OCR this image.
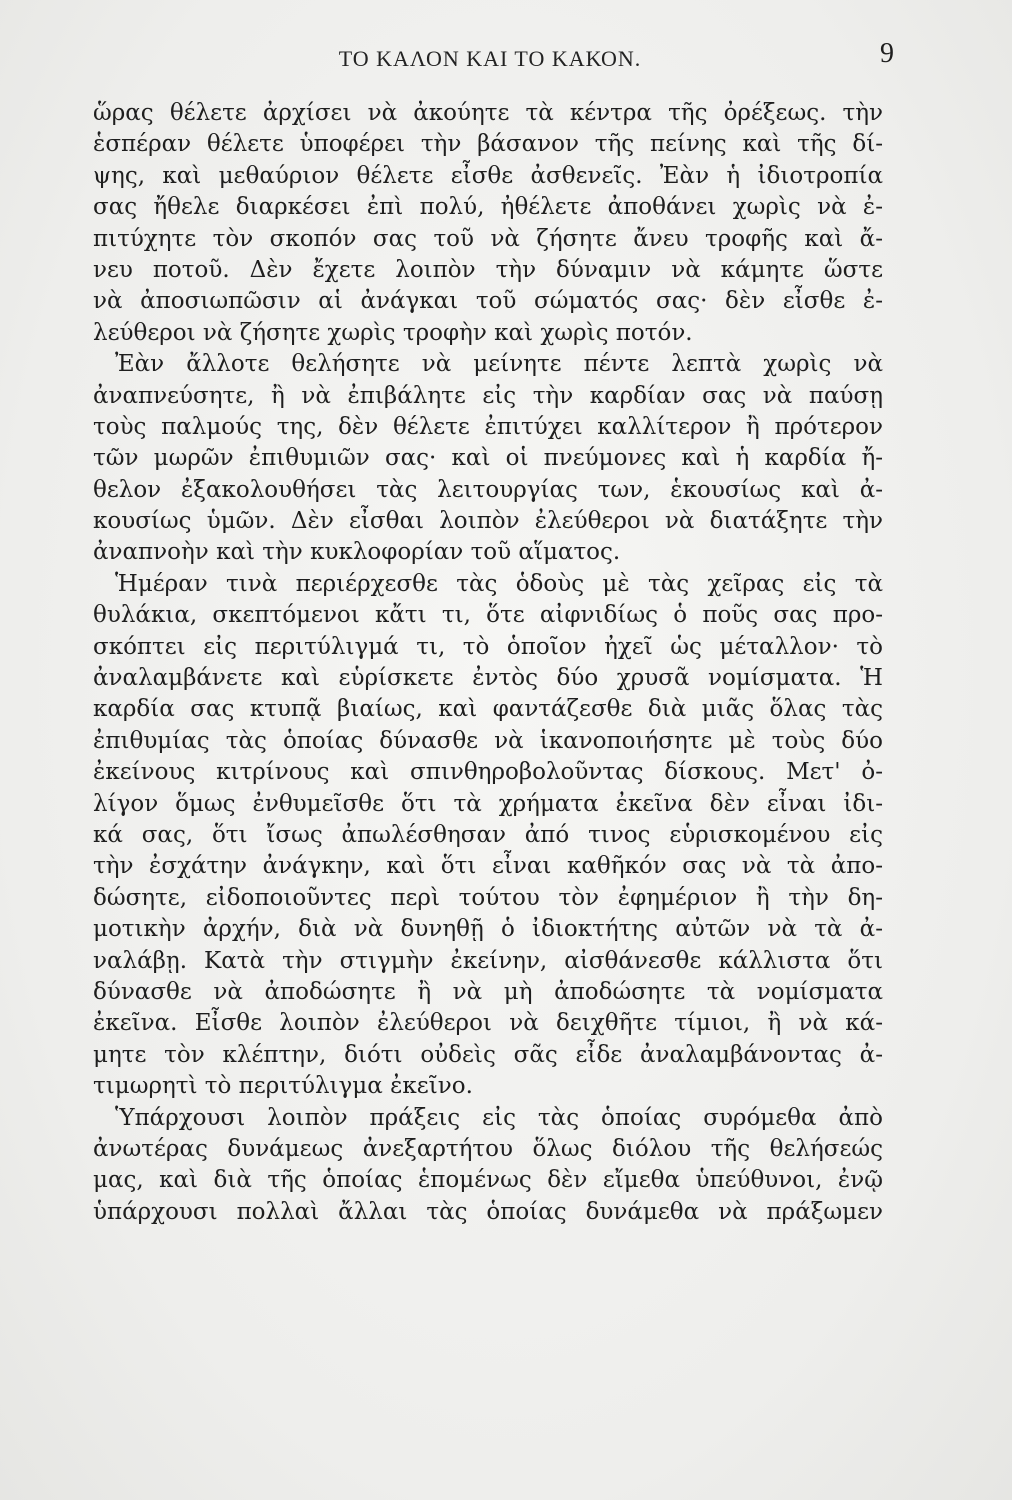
ΤΟ ΚΑΛΟΝ ΚΑΙ ΤΟ ΚΑΚΟΝ.	9
ὥρας θέλετε ἀρχίσει νὰ ἀκούητε τὰ κέντρα τῆς ὀρέξεως. τὴν
ἑσπέραν θέλετε ὑποφέρει τὴν βάσανον τῆς πείνης καὶ τῆς δί-
ψης, καὶ μεθαύριον θέλετε εἶσθε ἀσθενεῖς. Ἐὰν ἡ ἰδιοτροπία
σας ἤθελε διαρκέσει ἐπὶ πολύ, ἠθέλετε ἀποθάνει χωρὶς νὰ ἐ-
πιτύχητε τὸν σκοπόν σας τοῦ νὰ ζήσητε ἄνευ τροφῆς καὶ ἄ-
νευ ποτοῦ. Δὲν ἔχετε λοιπὸν τὴν δύναμιν νὰ κάμητε ὥστε
νὰ ἀποσιωπῶσιν αἱ ἀνάγκαι τοῦ σώματός σας· δὲν εἶσθε ἐ-
λεύθεροι νὰ ζήσητε χωρὶς τροφὴν καὶ χωρὶς ποτόν.
Ἐὰν ἄλλοτε θελήσητε νὰ μείνητε πέντε λεπτὰ χωρὶς νὰ
ἀναπνεύσητε, ἢ νὰ ἐπιβάλητε εἰς τὴν καρδίαν σας νὰ παύσῃ
τοὺς παλμούς της, δὲν θέλετε ἐπιτύχει καλλίτερον ἢ πρότερον
τῶν μωρῶν ἐπιθυμιῶν σας· καὶ οἱ πνεύμονες καὶ ἡ καρδία ἤ-
θελον ἐξακολουθήσει τὰς λειτουργίας των, ἑκουσίως καὶ ἀ-
κουσίως ὑμῶν. Δὲν εἶσθαι λοιπὸν ἐλεύθεροι νὰ διατάξητε τὴν
ἀναπνοὴν καὶ τὴν κυκλοφορίαν τοῦ αἵματος.
Ἡμέραν τινὰ περιέρχεσθε τὰς ὁδοὺς μὲ τὰς χεῖρας εἰς τὰ
θυλάκια, σκεπτόμενοι κἄτι τι, ὅτε αἰφνιδίως ὁ ποῦς σας προ-
σκόπτει εἰς περιτύλιγμά τι, τὸ ὁποῖον ἠχεῖ ὡς μέταλλον· τὸ
ἀναλαμβάνετε καὶ εὑρίσκετε ἐντὸς δύο χρυσᾶ νομίσματα. Ἡ
καρδία σας κτυπᾷ βιαίως, καὶ φαντάζεσθε διὰ μιᾶς ὅλας τὰς
ἐπιθυμίας τὰς ὁποίας δύνασθε νὰ ἱκανοποιήσητε μὲ τοὺς δύο
ἐκείνους κιτρίνους καὶ σπινθηροβολοῦντας δίσκους. Μετ' ὀ-
λίγον ὅμως ἐνθυμεῖσθε ὅτι τὰ χρήματα ἐκεῖνα δὲν εἶναι ἰδι-
κά σας, ὅτι ἴσως ἀπωλέσθησαν ἀπό τινος εὑρισκομένου εἰς
τὴν ἐσχάτην ἀνάγκην, καὶ ὅτι εἶναι καθῆκόν σας νὰ τὰ ἀπο-
δώσητε, εἰδοποιοῦντες περὶ τούτου τὸν ἐφημέριον ἢ τὴν δη-
μοτικὴν ἀρχήν, διὰ νὰ δυνηθῇ ὁ ἰδιοκτήτης αὐτῶν νὰ τὰ ἀ-
ναλάβῃ. Κατὰ τὴν στιγμὴν ἐκείνην, αἰσθάνεσθε κάλλιστα ὅτι
δύνασθε νὰ ἀποδώσητε ἢ νὰ μὴ ἀποδώσητε τὰ νομίσματα
ἐκεῖνα. Εἶσθε λοιπὸν ἐλεύθεροι νὰ δειχθῆτε τίμιοι, ἢ νὰ κά-
μητε τὸν κλέπτην, διότι οὐδεὶς σᾶς εἶδε ἀναλαμβάνοντας ἀ-
τιμωρητὶ τὸ περιτύλιγμα ἐκεῖνο.
Ὑπάρχουσι λοιπὸν πράξεις εἰς τὰς ὁποίας συρόμεθα ἀπὸ
ἀνωτέρας δυνάμεως ἀνεξαρτήτου ὅλως διόλου τῆς θελήσεώς
μας, καὶ διὰ τῆς ὁποίας ἑπομένως δὲν εἴμεθα ὑπεύθυνοι, ἐνῷ
ὑπάρχουσι πολλαὶ ἄλλαι τὰς ὁποίας δυνάμεθα νὰ πράξωμεν
